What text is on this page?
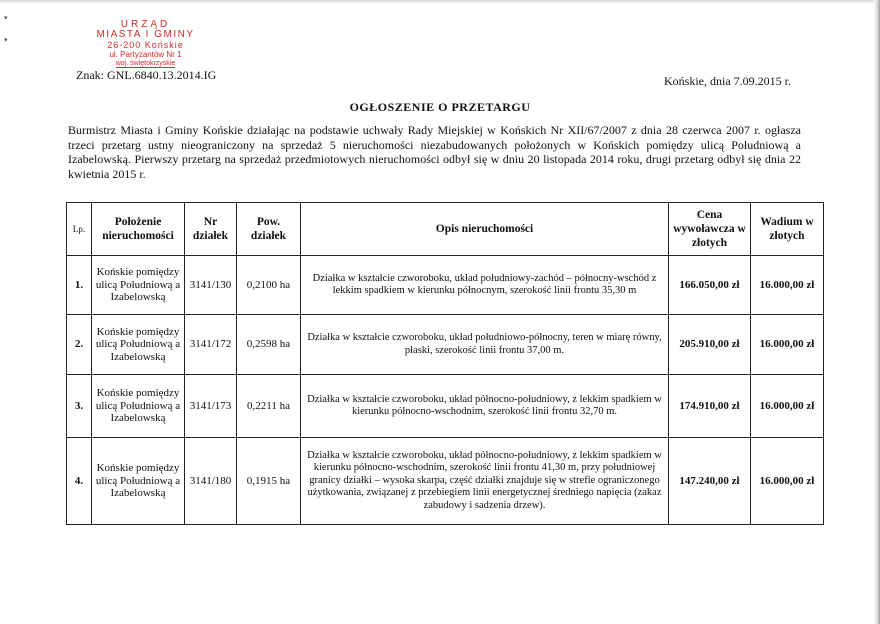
▾
▾
URZĄD
MIASTA I GMINY
26-200 Końskie
ul. Partyzantów Nr 1
woj. świętokrzyskie
Znak: GNL.6840.13.2014.IG	Końskie, dnia 7.09.2015 r.
OGŁOSZENIE O PRZETARGU
Burmistrz Miasta i Gminy Końskie działając na podstawie uchwały Rady Miejskiej w Końskich Nr XII/67/2007 z dnia 28 czerwca 2007 r. ogłasza trzeci przetarg ustny nieograniczony na sprzedaż 5 nieruchomości niezabudowanych położonych w Końskich pomiędzy ulicą Południową a Izabelowską. Pierwszy przetarg na sprzedaż przedmiotowych nieruchomości odbył się w dniu 20 listopada 2014 roku, drugi przetarg odbył się dnia 22 kwietnia 2015 r.
Lp.	Położenie nieruchomości	Nr działek	Pow. działek	Opis nieruchomości	Cena wywoławcza w złotych	Wadium w złotych
1.	Końskie pomiędzy ulicą Południową a Izabelowską	3141/130	0,2100 ha	Działka w kształcie czworoboku, układ południowy-zachód – północny-wschód z lekkim spadkiem w kierunku północnym, szerokość linii frontu 35,30 m	166.050,00 zł	16.000,00 zł
2.	Końskie pomiędzy ulicą Południową a Izabelowską	3141/172	0,2598 ha	Działka w kształcie czworoboku, układ południowo-północny, teren w miarę równy, płaski, szerokość linii frontu 37,00 m.	205.910,00 zł	16.000,00 zł
3.	Końskie pomiędzy ulicą Południową a Izabelowską	3141/173	0,2211 ha	Działka w kształcie czworoboku, układ północno-południowy, z lekkim spadkiem w kierunku północno-wschodnim, szerokość linii frontu 32,70 m.	174.910,00 zł	16.000,00 zł
4.	Końskie pomiędzy ulicą Południową a Izabelowską	3141/180	0,1915 ha	Działka w kształcie czworoboku, układ północno-południowy, z lekkim spadkiem w kierunku północno-wschodnim, szerokość linii frontu 41,30 m, przy południowej granicy działki – wysoka skarpa, część działki znajduje się w strefie ograniczonego użytkowania, związanej z przebiegiem linii energetycznej średniego napięcia (zakaz zabudowy i sadzenia drzew).	147.240,00 zł	16.000,00 zł
